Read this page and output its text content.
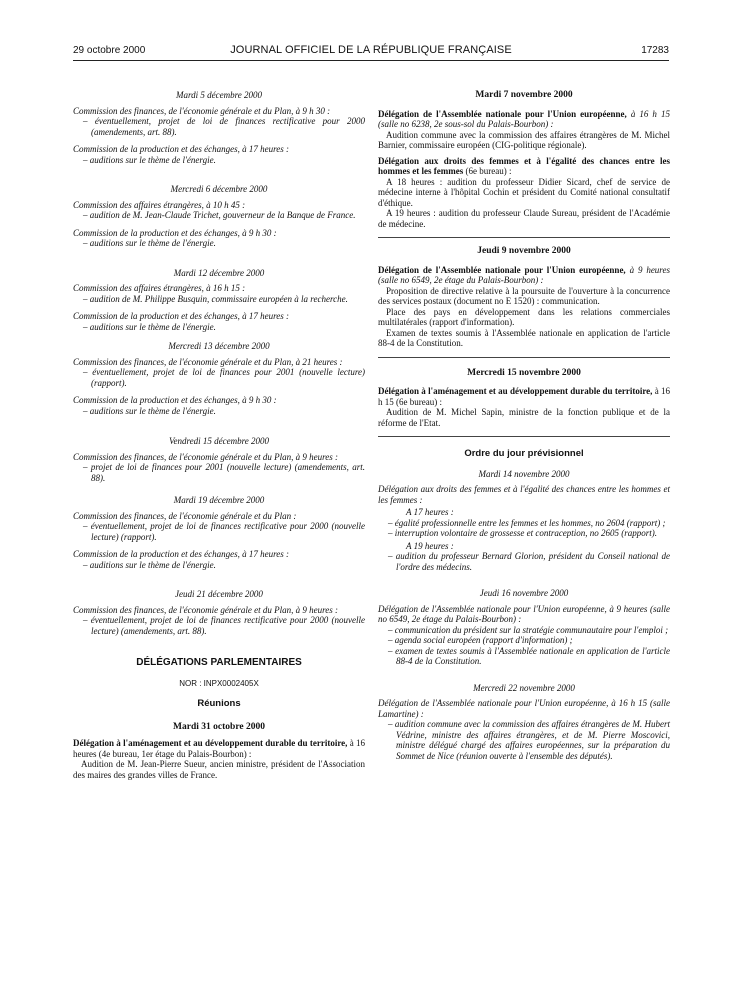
29 octobre 2000	JOURNAL OFFICIEL DE LA RÉPUBLIQUE FRANÇAISE	17283

Mardi 5 décembre 2000

Commission des finances, de l'économie générale et du Plan, à 9 h 30 :

– éventuellement, projet de loi de finances rectificative pour 2000 (amendements, art. 88).

Commission de la production et des échanges, à 17 heures :

– auditions sur le thème de l'énergie.

Mercredi 6 décembre 2000

Commission des affaires étrangères, à 10 h 45 :

– audition de M. Jean-Claude Trichet, gouverneur de la Banque de France.

Commission de la production et des échanges, à 9 h 30 :

– auditions sur le thème de l'énergie.

Mardi 12 décembre 2000

Commission des affaires étrangères, à 16 h 15 :

– audition de M. Philippe Busquin, commissaire européen à la recherche.

Commission de la production et des échanges, à 17 heures :

– auditions sur le thème de l'énergie.

Mercredi 13 décembre 2000

Commission des finances, de l'économie générale et du Plan, à 21 heures :

– éventuellement, projet de loi de finances pour 2001 (nouvelle lecture) (rapport).

Commission de la production et des échanges, à 9 h 30 :

– auditions sur le thème de l'énergie.

Vendredi 15 décembre 2000

Commission des finances, de l'économie générale et du Plan, à 9 heures :

– projet de loi de finances pour 2001 (nouvelle lecture) (amendements, art. 88).

Mardi 19 décembre 2000

Commission des finances, de l'économie générale et du Plan :

– éventuellement, projet de loi de finances rectificative pour 2000 (nouvelle lecture) (rapport).

Commission de la production et des échanges, à 17 heures :

– auditions sur le thème de l'énergie.

Jeudi 21 décembre 2000

Commission des finances, de l'économie générale et du Plan, à 9 heures :

– éventuellement, projet de loi de finances rectificative pour 2000 (nouvelle lecture) (amendements, art. 88).

DÉLÉGATIONS PARLEMENTAIRES

NOR : INPX0002405X

Réunions

Mardi 31 octobre 2000

Délégation à l'aménagement et au développement durable du territoire, à 16 heures (4e bureau, 1er étage du Palais-Bourbon) :

Audition de M. Jean-Pierre Sueur, ancien ministre, président de l'Association des maires des grandes villes de France.

Mardi 7 novembre 2000

Délégation de l'Assemblée nationale pour l'Union européenne, à 16 h 15 (salle no 6238, 2e sous-sol du Palais-Bourbon) :

Audition commune avec la commission des affaires étrangères de M. Michel Barnier, commissaire européen (CIG-politique régionale).

Délégation aux droits des femmes et à l'égalité des chances entre les hommes et les femmes (6e bureau) :

A 18 heures : audition du professeur Didier Sicard, chef de service de médecine interne à l'hôpital Cochin et président du Comité national consultatif d'éthique.

A 19 heures : audition du professeur Claude Sureau, président de l'Académie de médecine.

Jeudi 9 novembre 2000

Délégation de l'Assemblée nationale pour l'Union européenne, à 9 heures (salle no 6549, 2e étage du Palais-Bourbon) :

Proposition de directive relative à la poursuite de l'ouverture à la concurrence des services postaux (document no E 1520) : communication.

Place des pays en développement dans les relations commerciales multilatérales (rapport d'information).

Examen de textes soumis à l'Assemblée nationale en application de l'article 88-4 de la Constitution.

Mercredi 15 novembre 2000

Délégation à l'aménagement et au développement durable du territoire, à 16 h 15 (6e bureau) :

Audition de M. Michel Sapin, ministre de la fonction publique et de la réforme de l'Etat.

Ordre du jour prévisionnel

Mardi 14 novembre 2000

Délégation aux droits des femmes et à l'égalité des chances entre les hommes et les femmes :

A 17 heures :

– égalité professionnelle entre les femmes et les hommes, no 2604 (rapport) ;

– interruption volontaire de grossesse et contraception, no 2605 (rapport).

A 19 heures :

– audition du professeur Bernard Glorion, président du Conseil national de l'ordre des médecins.

Jeudi 16 novembre 2000

Délégation de l'Assemblée nationale pour l'Union européenne, à 9 heures (salle no 6549, 2e étage du Palais-Bourbon) :

– communication du président sur la stratégie communautaire pour l'emploi ;

– agenda social européen (rapport d'information) ;

– examen de textes soumis à l'Assemblée nationale en application de l'article 88-4 de la Constitution.

Mercredi 22 novembre 2000

Délégation de l'Assemblée nationale pour l'Union européenne, à 16 h 15 (salle Lamartine) :

– audition commune avec la commission des affaires étrangères de M. Hubert Védrine, ministre des affaires étrangères, et de M. Pierre Moscovici, ministre délégué chargé des affaires européennes, sur la préparation du Sommet de Nice (réunion ouverte à l'ensemble des députés).
